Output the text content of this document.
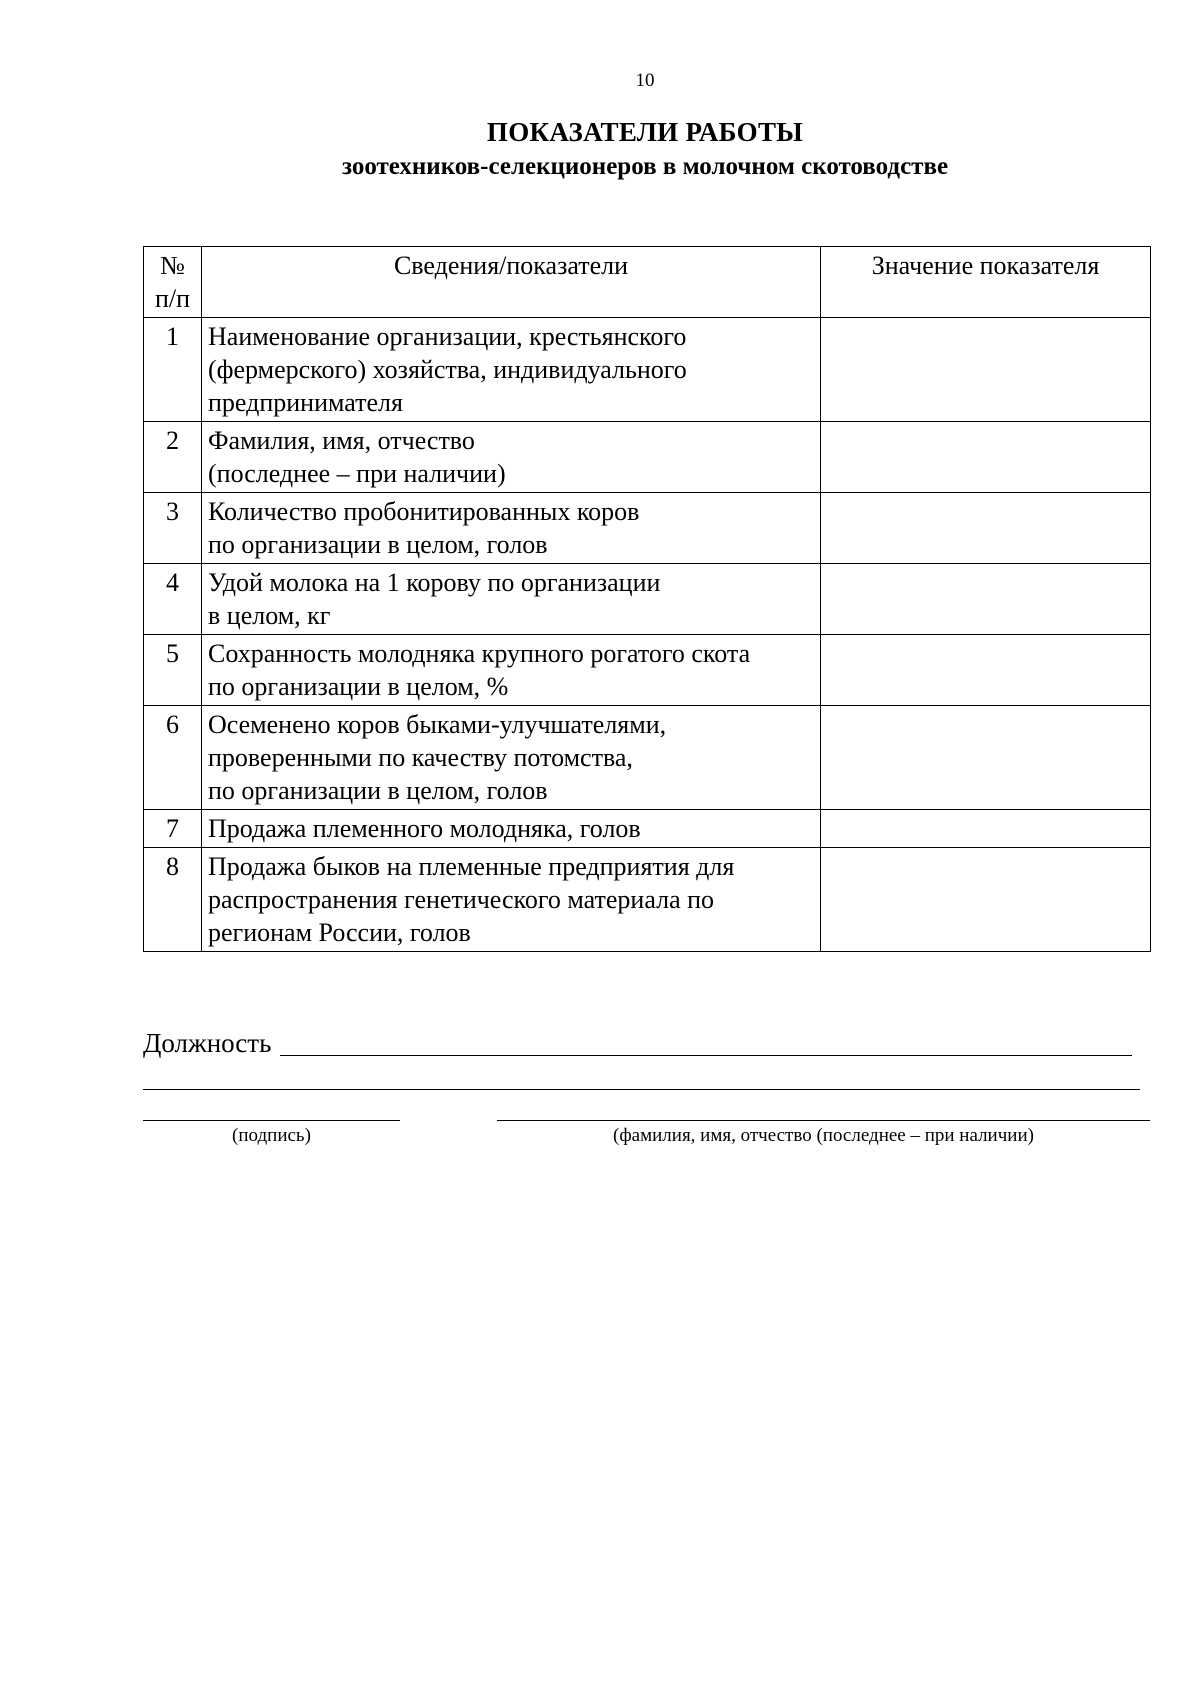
10
ПОКАЗАТЕЛИ РАБОТЫ
зоотехников-селекционеров в молочном скотоводстве
№
п/п	Сведения/показатели	Значение показателя
1	Наименование организации, крестьянского
(фермерского) хозяйства, индивидуального
предпринимателя	
2	Фамилия, имя, отчество
(последнее – при наличии)	
3	Количество пробонитированных коров
по организации в целом, голов	
4	Удой молока на 1 корову по организации
в целом, кг	
5	Сохранность молодняка крупного рогатого скота
по организации в целом, %	
6	Осеменено коров быками-улучшателями,
проверенными по качеству потомства,
по организации в целом, голов	
7	Продажа племенного молодняка, голов	
8	Продажа быков на племенные предприятия для
распространения генетического материала по
регионам России, голов	
Должность
(подпись)	(фамилия, имя, отчество (последнее – при наличии)
